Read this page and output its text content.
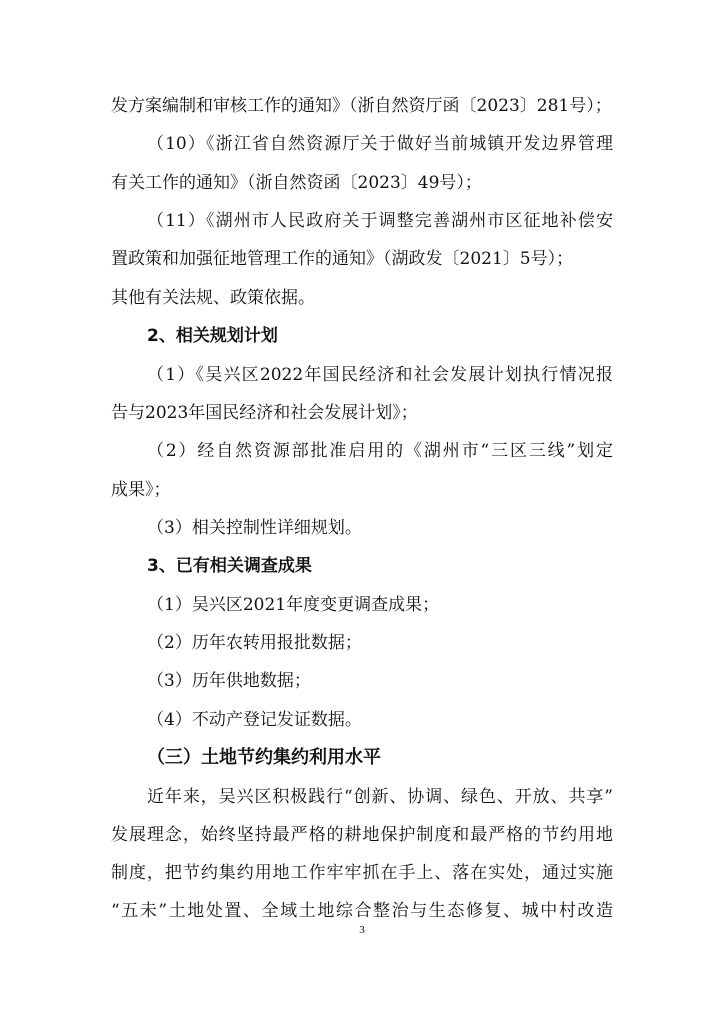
发方案编制和审核工作的通知》（浙自然资厅函〔2023〕281号）；
（10）《浙江省自然资源厅关于做好当前城镇开发边界管理
有关工作的通知》（浙自然资函〔2023〕49号）；
（11）《湖州市人民政府关于调整完善湖州市区征地补偿安
置政策和加强征地管理工作的通知》（湖政发〔2021〕5号）；
其他有关法规、政策依据。
2、相关规划计划
（1）《吴兴区2022年国民经济和社会发展计划执行情况报
告与2023年国民经济和社会发展计划》；
（2）经自然资源部批准启用的《湖州市“三区三线”划定
成果》；
（3）相关控制性详细规划。
3、已有相关调查成果
（1）吴兴区2021年度变更调查成果；
（2）历年农转用报批数据；
（3）历年供地数据；
（4）不动产登记发证数据。
（三）土地节约集约利用水平
近年来，吴兴区积极践行“创新、协调、绿色、开放、共享”
发展理念，始终坚持最严格的耕地保护制度和最严格的节约用地
制度，把节约集约用地工作牢牢抓在手上、落在实处，通过实施
“五未”土地处置、全域土地综合整治与生态修复、城中村改造
3
